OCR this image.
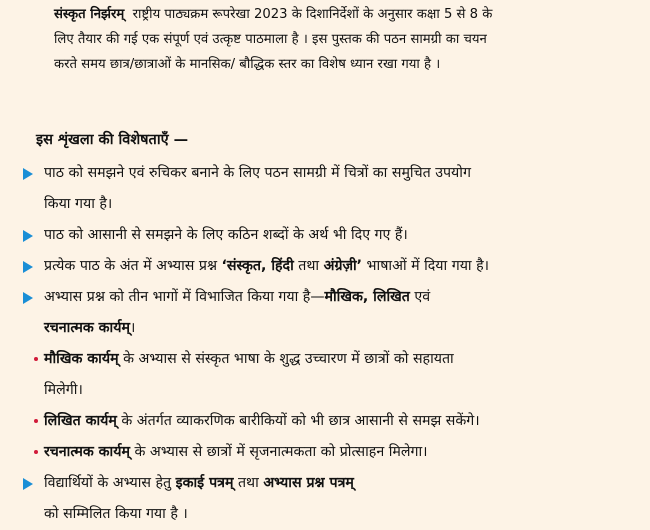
संस्कृत निर्झरम् राष्ट्रीय पाठ्यक्रम रूपरेखा 2023 के दिशानिर्देशों के अनुसार कक्षा 5 से 8 के

लिए तैयार की गई एक संपूर्ण एवं उत्कृष्ट पाठमाला है । इस पुस्तक की पठन सामग्री का चयन

करते समय छात्र/छात्राओं के मानसिक/ बौद्धिक स्तर का विशेष ध्यान रखा गया है ।

इस शृंखला की विशेषताएँ —
पाठ को समझने एवं रुचिकर बनाने के लिए पठन सामग्री में चित्रों का समुचित उपयोग
किया गया है।
पाठ को आसानी से समझने के लिए कठिन शब्दों के अर्थ भी दिए गए हैं।
प्रत्येक पाठ के अंत में अभ्यास प्रश्न ‘संस्कृत, हिंदी तथा अंग्रेज़ी’ भाषाओं में दिया गया है।
अभ्यास प्रश्न को तीन भागों में विभाजित किया गया है—मौखिक, लिखित एवं
रचनात्मक कार्यम्।
मौखिक कार्यम् के अभ्यास से संस्कृत भाषा के शुद्ध उच्चारण में छात्रों को सहायता
मिलेगी।
लिखित कार्यम् के अंतर्गत व्याकरणिक बारीकियों को भी छात्र आसानी से समझ सकेंगे।
रचनात्मक कार्यम् के अभ्यास से छात्रों में सृजनात्मकता को प्रोत्साहन मिलेगा।
विद्यार्थियों के अभ्यास हेतु इकाई पत्रम् तथा अभ्यास प्रश्न पत्रम्
को सम्मिलित किया गया है ।
